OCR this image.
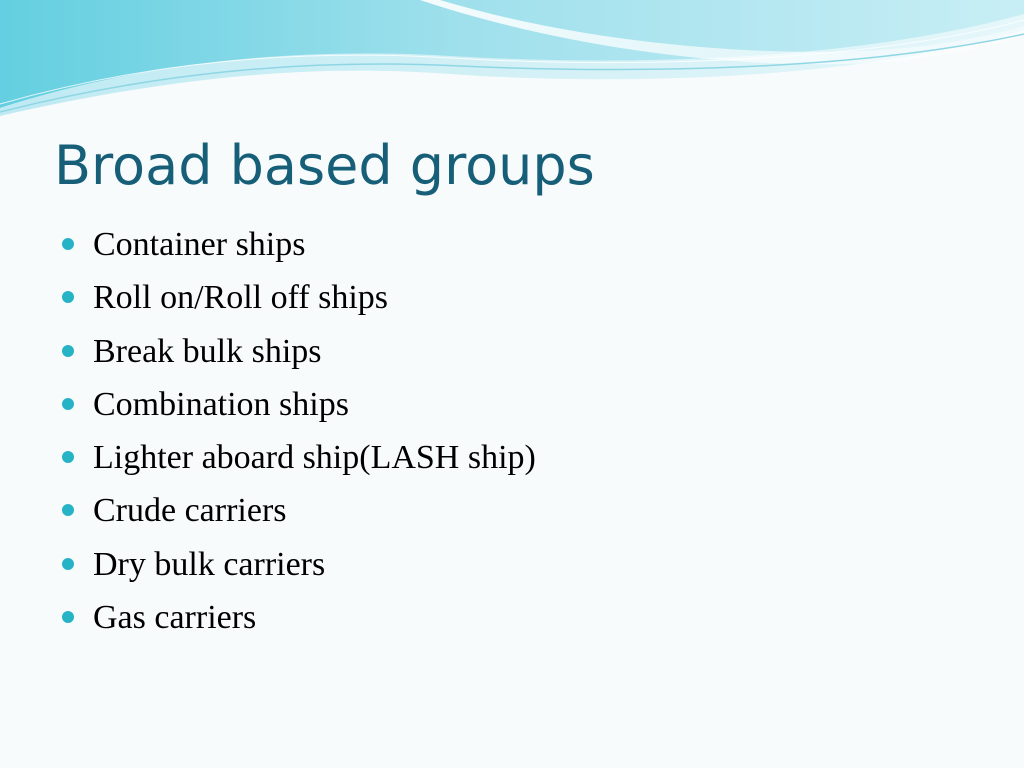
Broad based groups
Container ships
Roll on/Roll off ships
Break bulk ships
Combination ships
Lighter aboard ship(LASH ship)
Crude carriers
Dry bulk carriers
Gas carriers
